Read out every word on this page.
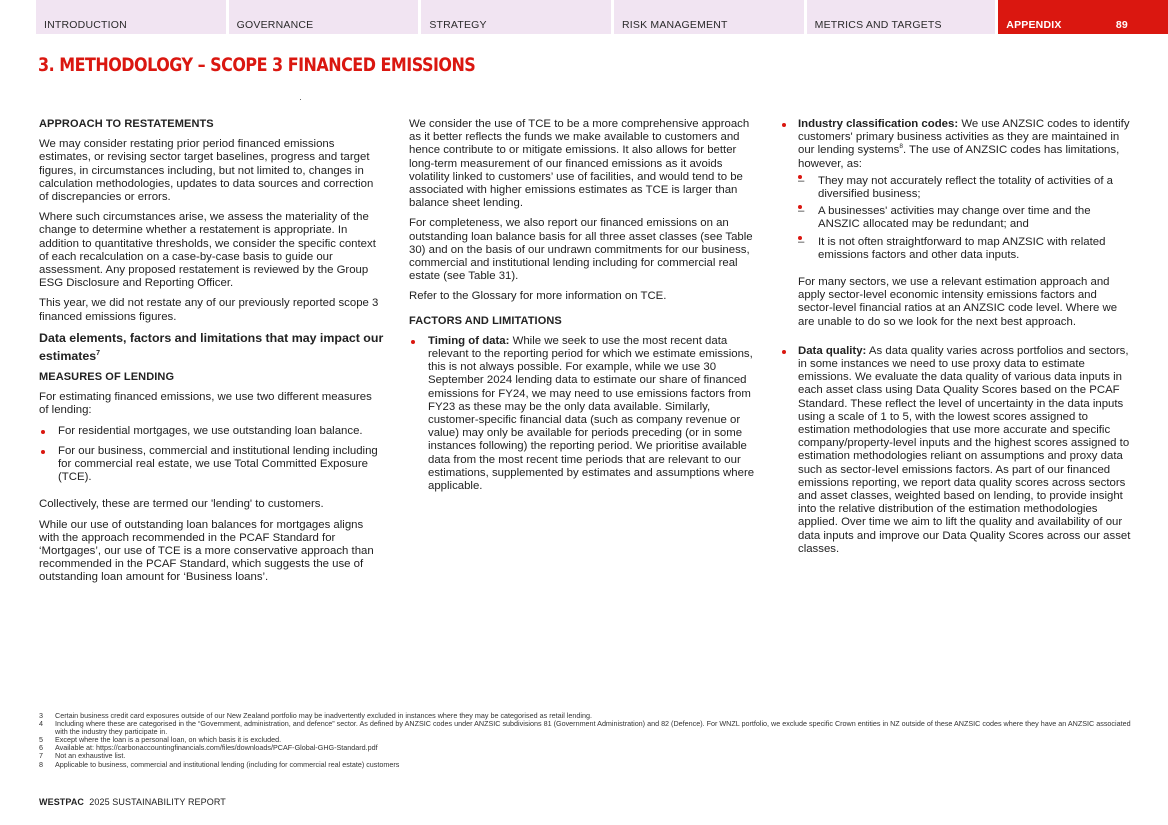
INTRODUCTION	GOVERNANCE	STRATEGY	RISK MANAGEMENT	METRICS AND TARGETS	APPENDIX	89
3. METHODOLOGY – SCOPE 3 FINANCED EMISSIONS

APPROACH TO RESTATEMENTS

We may consider restating prior period financed emissions estimates, or revising sector target baselines, progress and target figures, in circumstances including, but not limited to, changes in calculation methodologies, updates to data sources and correction of discrepancies or errors.

Where such circumstances arise, we assess the materiality of the change to determine whether a restatement is appropriate. In addition to quantitative thresholds, we consider the specific context of each recalculation on a case-by-case basis to guide our assessment. Any proposed restatement is reviewed by the Group ESG Disclosure and Reporting Officer.

This year, we did not restate any of our previously reported scope 3 financed emissions figures.

Data elements, factors and limitations that may impact our estimates$^7$

MEASURES OF LENDING

For estimating financed emissions, we use two different measures of lending:

For residential mortgages, we use outstanding loan balance.
For our business, commercial and institutional lending including for commercial real estate, we use Total Committed Exposure (TCE).

Collectively, these are termed our 'lending' to customers.

While our use of outstanding loan balances for mortgages aligns with the approach recommended in the PCAF Standard for ‘Mortgages’, our use of TCE is a more conservative approach than recommended in the PCAF Standard, which suggests the use of outstanding loan amount for ‘Business loans’.

We consider the use of TCE to be a more comprehensive approach as it better reflects the funds we make available to customers and hence contribute to or mitigate emissions. It also allows for better long-term measurement of our financed emissions as it avoids volatility linked to customers’ use of facilities, and would tend to be associated with higher emissions estimates as TCE is larger than balance sheet lending.

For completeness, we also report our financed emissions on an outstanding loan balance basis for all three asset classes (see Table 30) and on the basis of our undrawn commitments for our business, commercial and institutional lending including for commercial real estate (see Table 31).

Refer to the Glossary for more information on TCE.

FACTORS AND LIMITATIONS

Timing of data: While we seek to use the most recent data relevant to the reporting period for which we estimate emissions, this is not always possible. For example, while we use 30 September 2024 lending data to estimate our share of financed emissions for FY24, we may need to use emissions factors from FY23 as these may be the only data available. Similarly, customer-specific financial data (such as company revenue or value) may only be available for periods preceding (or in some instances following) the reporting period. We prioritise available data from the most recent time periods that are relevant to our estimations, supplemented by estimates and assumptions where applicable.
Industry classification codes: We use ANZSIC codes to identify customers' primary business activities as they are maintained in our lending systems$^8$. The use of ANZSIC codes has limitations, however, as:
– They may not accurately reflect the totality of activities of a diversified business;
– A businesses' activities may change over time and the ANSZIC allocated may be redundant; and
– It is not often straightforward to map ANZSIC with related emissions factors and other data inputs.

For many sectors, we use a relevant estimation approach and apply sector-level economic intensity emissions factors and sector-level financial ratios at an ANZSIC code level. Where we are unable to do so we look for the next best approach.

Data quality: As data quality varies across portfolios and sectors, in some instances we need to use proxy data to estimate emissions. We evaluate the data quality of various data inputs in each asset class using Data Quality Scores based on the PCAF Standard. These reflect the level of uncertainty in the data inputs using a scale of 1 to 5, with the lowest scores assigned to estimation methodologies that use more accurate and specific company/property-level inputs and the highest scores assigned to estimation methodologies reliant on assumptions and proxy data such as sector-level emissions factors. As part of our financed emissions reporting, we report data quality scores across sectors and asset classes, weighted based on lending, to provide insight into the relative distribution of the estimation methodologies applied. Over time we aim to lift the quality and availability of our data inputs and improve our Data Quality Scores across our asset classes.
3	Certain business credit card exposures outside of our New Zealand portfolio may be inadvertently excluded in instances where they may be categorised as retail lending.
4	Including where these are categorised in the “Government, administration, and defence” sector. As defined by ANZSIC codes under ANZSIC subdivisions 81 (Government Administration) and 82 (Defence). For WNZL portfolio, we exclude specific Crown entities in NZ outside of these ANZSIC codes where they have an ANZSIC associated with the industry they participate in.
5	Except where the loan is a personal loan, on which basis it is excluded.
6	Available at: https://carbonaccountingfinancials.com/files/downloads/PCAF-Global-GHG-Standard.pdf
7	Not an exhaustive list.
8	Applicable to business, commercial and institutional lending (including for commercial real estate) customers
WESTPAC 2025 SUSTAINABILITY REPORT
